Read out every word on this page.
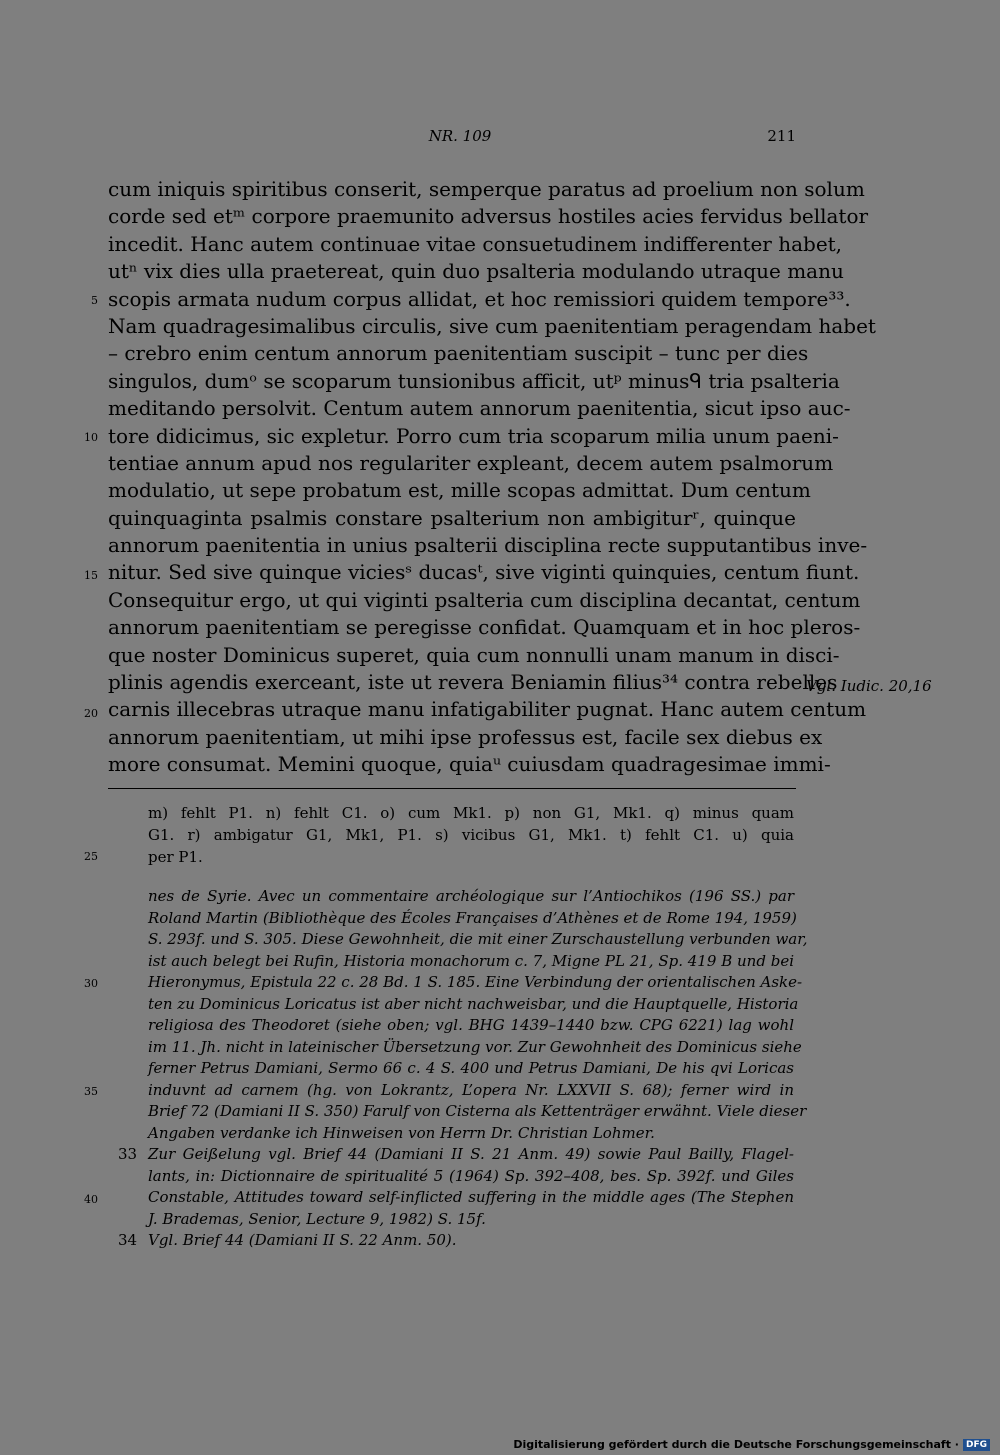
NR. 109	211
cum iniquis spiritibus conserit, semperque paratus ad proelium non solum
corde sed etᵐ corpore praemunito adversus hostiles acies fervidus bellator
incedit. Hanc autem continuae vitae consuetudinem indifferenter habet,
utⁿ vix dies ulla praetereat, quin duo psalteria modulando utraque manu
scopis armata nudum corpus allidat, et hoc remissiori quidem tempore³³.
Nam quadragesimalibus circulis, sive cum paenitentiam peragendam habet
– crebro enim centum annorum paenitentiam suscipit – tunc per dies
singulos, dumᵒ se scoparum tunsionibus afficit, utᵖ minusᑫ tria psalteria
meditando persolvit. Centum autem annorum paenitentia, sicut ipso auc-
tore didicimus, sic expletur. Porro cum tria scoparum milia unum paeni-
tentiae annum apud nos regulariter expleant, decem autem psalmorum
modulatio, ut sepe probatum est, mille scopas admittat. Dum centum
quinquaginta psalmis constare psalterium non ambigiturʳ, quinque
annorum paenitentia in unius psalterii disciplina recte supputantibus inve-
nitur. Sed sive quinque viciesˢ ducasᵗ, sive viginti quinquies, centum fiunt.
Consequitur ergo, ut qui viginti psalteria cum disciplina decantat, centum
annorum paenitentiam se peregisse confidat. Quamquam et in hoc pleros-
que noster Dominicus superet, quia cum nonnulli unam manum in disci-
plinis agendis exerceant, iste ut revera Beniamin filius³⁴ contra rebelles
carnis illecebras utraque manu infatigabiliter pugnat. Hanc autem centum
annorum paenitentiam, ut mihi ipse professus est, facile sex diebus ex
more consumat. Memini quoque, quiaᵘ cuiusdam quadragesimae immi-
5
10
15
20
25
30
35
40
Vgl. Iudic. 20,16
m) fehlt P1. n) fehlt C1. o) cum Mk1. p) non G1, Mk1. q) minus quam
G1. r) ambigatur G1, Mk1, P1. s) vicibus G1, Mk1. t) fehlt C1. u) quia
per P1.
nes de Syrie. Avec un commentaire archéologique sur l’Antiochikos (196 SS.) par
Roland Martin (Bibliothèque des Écoles Françaises d’Athènes et de Rome 194, 1959)
S. 293f. und S. 305. Diese Gewohnheit, die mit einer Zurschaustellung verbunden war,
ist auch belegt bei Rufin, Historia monachorum c. 7, Migne PL 21, Sp. 419 B und bei
Hieronymus, Epistula 22 c. 28 Bd. 1 S. 185. Eine Verbindung der orientalischen Aske-
ten zu Dominicus Loricatus ist aber nicht nachweisbar, und die Hauptquelle, Historia
religiosa des Theodoret (siehe oben; vgl. BHG 1439–1440 bzw. CPG 6221) lag wohl
im 11. Jh. nicht in lateinischer Übersetzung vor. Zur Gewohnheit des Dominicus siehe
ferner Petrus Damiani, Sermo 66 c. 4 S. 400 und Petrus Damiani, De his qvi Loricas
induvnt ad carnem (hg. von Lokrantz, L’opera Nr. LXXVII S. 68); ferner wird in
Brief 72 (Damiani II S. 350) Farulf von Cisterna als Kettenträger erwähnt. Viele dieser
Angaben verdanke ich Hinweisen von Herrn Dr. Christian Lohmer.
33 Zur Geißelung vgl. Brief 44 (Damiani II S. 21 Anm. 49) sowie Paul Bailly, Flagel-
lants, in: Dictionnaire de spiritualité 5 (1964) Sp. 392–408, bes. Sp. 392f. und Giles
Constable, Attitudes toward self-inflicted suffering in the middle ages (The Stephen
J. Brademas, Senior, Lecture 9, 1982) S. 15f.
34 Vgl. Brief 44 (Damiani II S. 22 Anm. 50).
Digitalisierung gefördert durch die Deutsche Forschungsgemeinschaft · DFG
